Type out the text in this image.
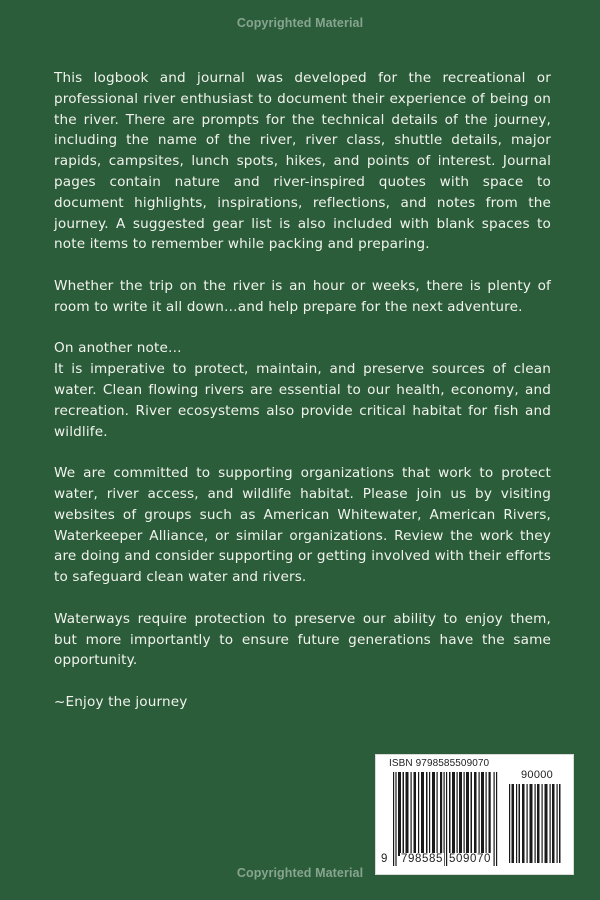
Copyrighted Material

This logbook and journal was developed for the recreational or professional river enthusiast to document their experience of being on the river. There are prompts for the technical details of the journey, including the name of the river, river class, shuttle details, major rapids, campsites, lunch spots, hikes, and points of interest. Journal pages contain nature and river-inspired quotes with space to document highlights, inspirations, reflections, and notes from the journey. A suggested gear list is also included with blank spaces to note items to remember while packing and preparing.

Whether the trip on the river is an hour or weeks, there is plenty of room to write it all down…and help prepare for the next adventure.

On another note…
It is imperative to protect, maintain, and preserve sources of clean water. Clean flowing rivers are essential to our health, economy, and recreation. River ecosystems also provide critical habitat for fish and wildlife.

We are committed to supporting organizations that work to protect water, river access, and wildlife habitat. Please join us by visiting websites of groups such as American Whitewater, American Rivers, Waterkeeper Alliance, or similar organizations. Review the work they are doing and consider supporting or getting involved with their efforts to safeguard clean water and rivers.

Waterways require protection to preserve our ability to enjoy them, but more importantly to ensure future generations have the same opportunity.

~Enjoy the journey

ISBN 9798585509070
90000
9 798585 509070
Copyrighted Material
